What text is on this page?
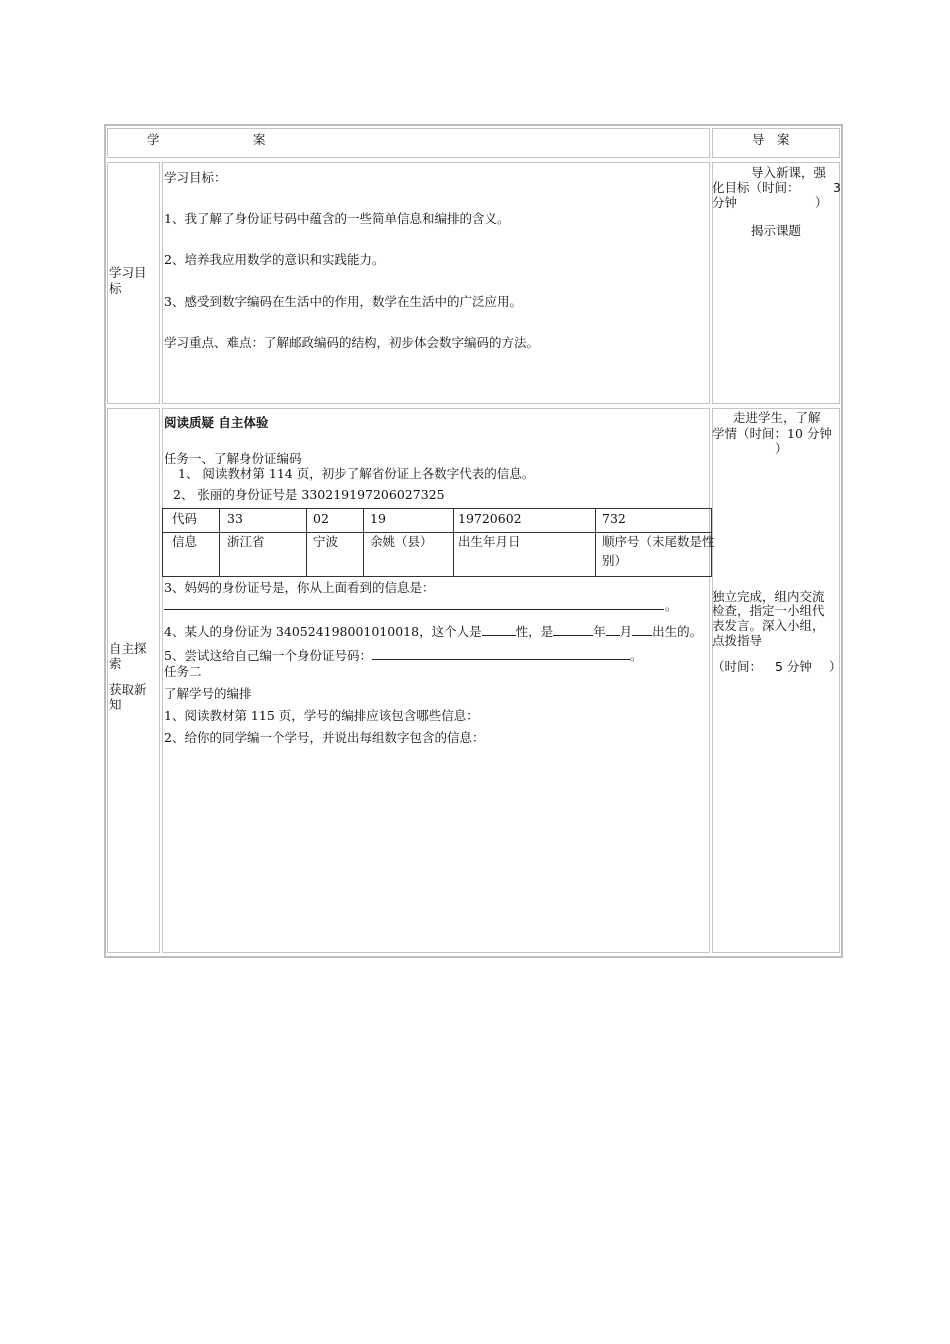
学	案	导　案
学习目
标
学习目标：
1、我了解了身份证号码中蕴含的一些简单信息和编排的含义。
2、培养我应用数学的意识和实践能力。
3、感受到数字编码在生活中的作用，数学在生活中的广泛应用。
学习重点、难点：了解邮政编码的结构，初步体会数字编码的方法。
导入新课，强
化目标（时间：	3
分钟	）
揭示课题
自主探
索
获取新
知
阅读质疑 自主体验
任务一、了解身份证编码
1、 阅读教材第 114 页，初步了解省份证上各数字代表的信息。
2、 张丽的身份证号是 330219197206027325
代码 33	02	19	19720602	732
信息 浙江省	宁波	余姚（县） 出生年月日	顺序号（末尾数是性
别）
3、妈妈的身份证号是，你从上面看到的信息是：
。
4、某人的身份证为 340524198001010018，这个人是	性，是	年 月 出生的。
5、尝试这给自己编一个身份证号码：	。
任务二
了解学号的编排
1、阅读教材第 115 页，学号的编排应该包含哪些信息：
2、给你的同学编一个学号，并说出每组数字包含的信息：
走进学生，了解
学情（时间：10 分钟
）
独立完成，组内交流
检查，指定一小组代
表发言。深入小组，
点拨指导
（时间： 5 分钟 ）
